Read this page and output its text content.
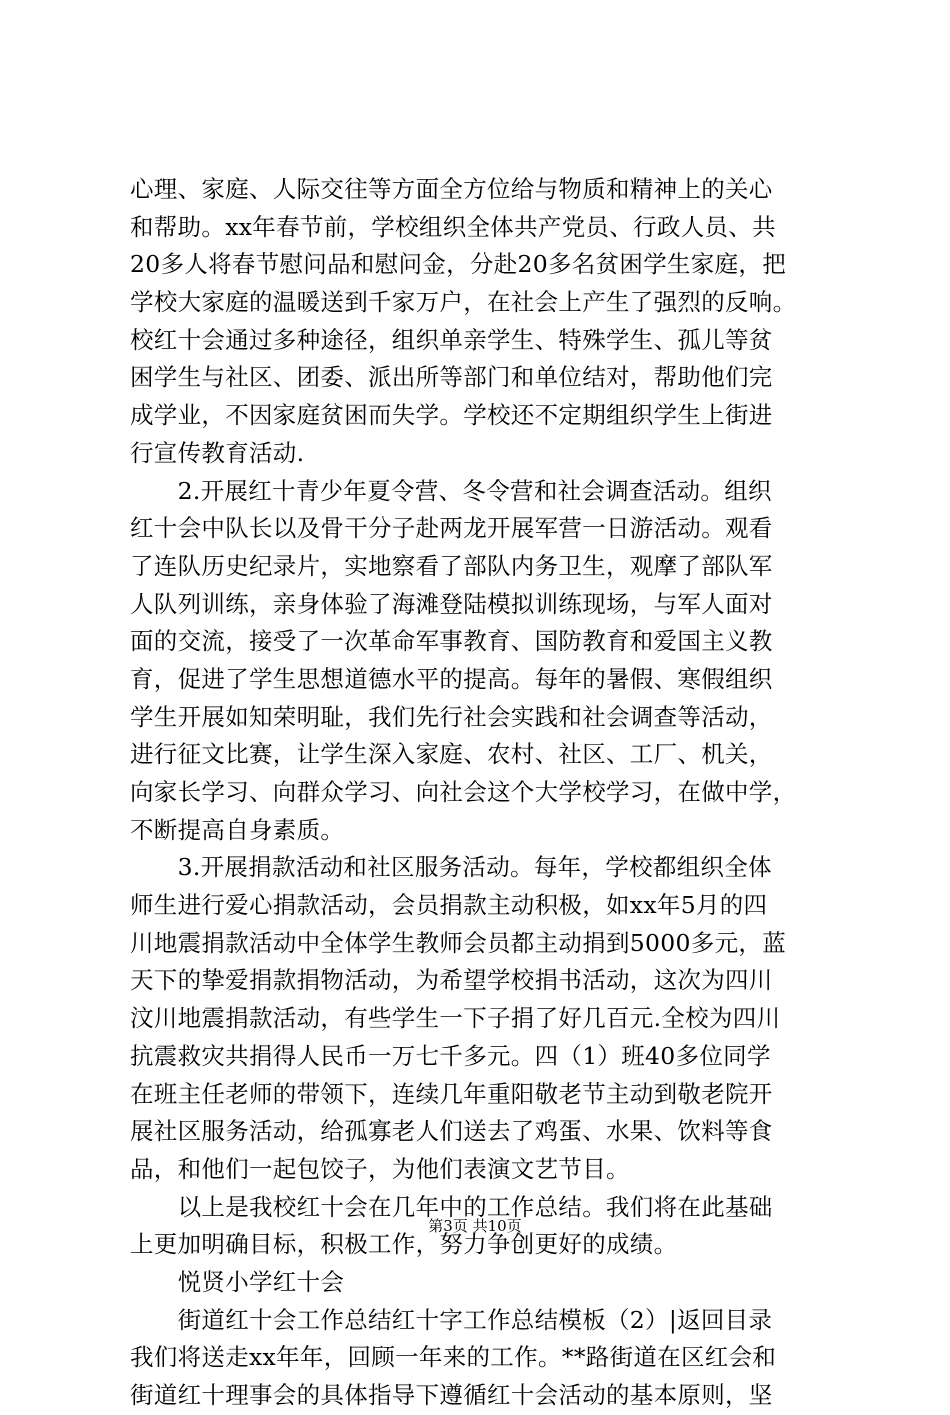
心理、家庭、人际交往等方面全方位给与物质和精神上的关心
和帮助。xx年春节前，学校组织全体共产党员、行政人员、共
20多人将春节慰问品和慰问金，分赴20多名贫困学生家庭，把
学校大家庭的温暖送到千家万户，在社会上产生了强烈的反响。
校红十会通过多种途径，组织单亲学生、特殊学生、孤儿等贫
困学生与社区、团委、派出所等部门和单位结对，帮助他们完
成学业，不因家庭贫困而失学。学校还不定期组织学生上街进
行宣传教育活动.
　　2.开展红十青少年夏令营、冬令营和社会调查活动。组织
红十会中队长以及骨干分子赴两龙开展军营一日游活动。观看
了连队历史纪录片，实地察看了部队内务卫生，观摩了部队军
人队列训练，亲身体验了海滩登陆模拟训练现场，与军人面对
面的交流，接受了一次革命军事教育、国防教育和爱国主义教
育，促进了学生思想道德水平的提高。每年的暑假、寒假组织
学生开展如知荣明耻，我们先行社会实践和社会调查等活动，
进行征文比赛，让学生深入家庭、农村、社区、工厂、机关，
向家长学习、向群众学习、向社会这个大学校学习，在做中学，
不断提高自身素质。
　　3.开展捐款活动和社区服务活动。每年，学校都组织全体
师生进行爱心捐款活动，会员捐款主动积极，如xx年5月的四
川地震捐款活动中全体学生教师会员都主动捐到5000多元，蓝
天下的挚爱捐款捐物活动，为希望学校捐书活动，这次为四川
汶川地震捐款活动，有些学生一下子捐了好几百元.全校为四川
抗震救灾共捐得人民币一万七千多元。四（1）班40多位同学
在班主任老师的带领下，连续几年重阳敬老节主动到敬老院开
展社区服务活动，给孤寡老人们送去了鸡蛋、水果、饮料等食
品，和他们一起包饺子，为他们表演文艺节目。
　　以上是我校红十会在几年中的工作总结。我们将在此基础
上更加明确目标，积极工作，努力争创更好的成绩。
　　悦贤小学红十会
　　街道红十会工作总结红十字工作总结模板（2）|返回目录
我们将送走xx年年，回顾一年来的工作。**路街道在区红会和
街道红十理事会的具体指导下遵循红十会活动的基本原则，坚
第3页 共10页
